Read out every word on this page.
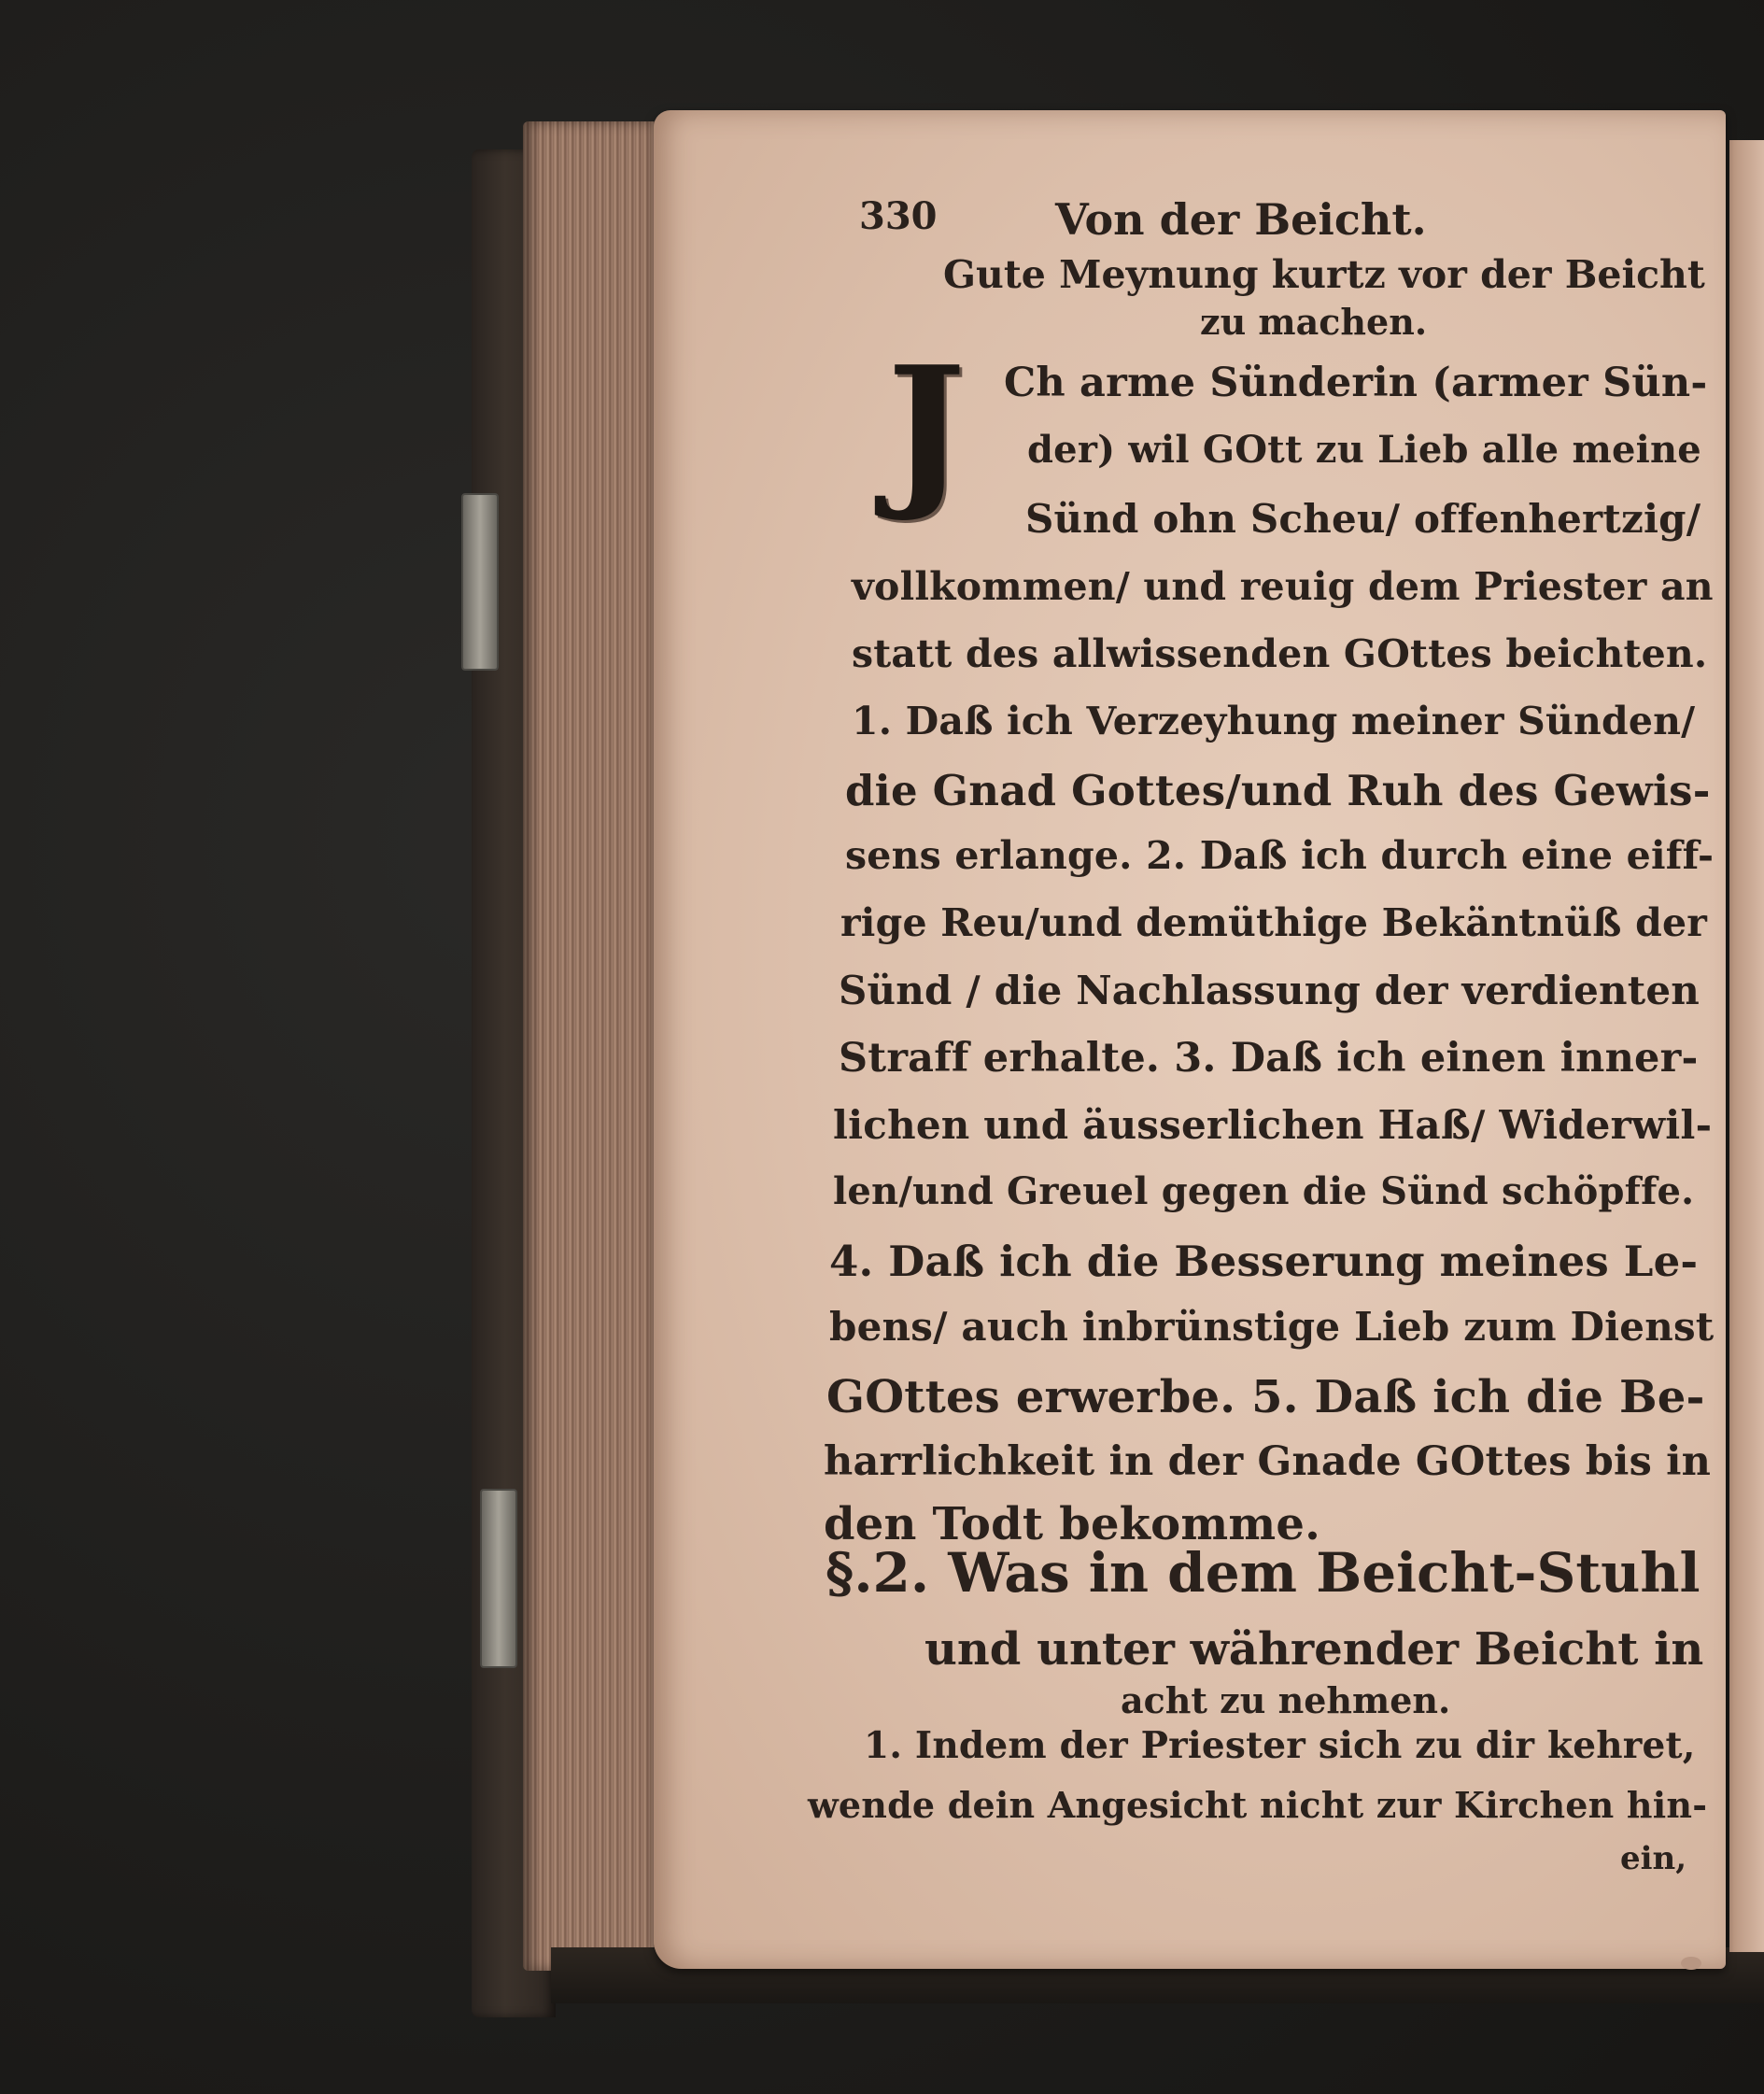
330	Von der Beicht.
Gute Meynung kurtz vor der Beicht
zu machen.
J Ch arme Sünderin (armer Sün-
der) wil GOtt zu Lieb alle meine
Sünd ohn Scheu/ offenhertzig/
vollkommen/ und reuig dem Priester an
statt des allwissenden GOttes beichten.
1. Daß ich Verzeyhung meiner Sünden/
die Gnad Gottes/und Ruh des Gewis-
sens erlange. 2. Daß ich durch eine eiff-
rige Reu/und demüthige Bekäntnüß der
Sünd / die Nachlassung der verdienten
Straff erhalte. 3. Daß ich einen inner-
lichen und äusserlichen Haß/ Widerwil-
len/und Greuel gegen die Sünd schöpffe.
4. Daß ich die Besserung meines Le-
bens/ auch inbrünstige Lieb zum Dienst
GOttes erwerbe. 5. Daß ich die Be-
harrlichkeit in der Gnade GOttes bis in
den Todt bekomme.
§.2. Was in dem Beicht-Stuhl
und unter währender Beicht in
acht zu nehmen.
1. Indem der Priester sich zu dir kehret,
wende dein Angesicht nicht zur Kirchen hin-
ein,
